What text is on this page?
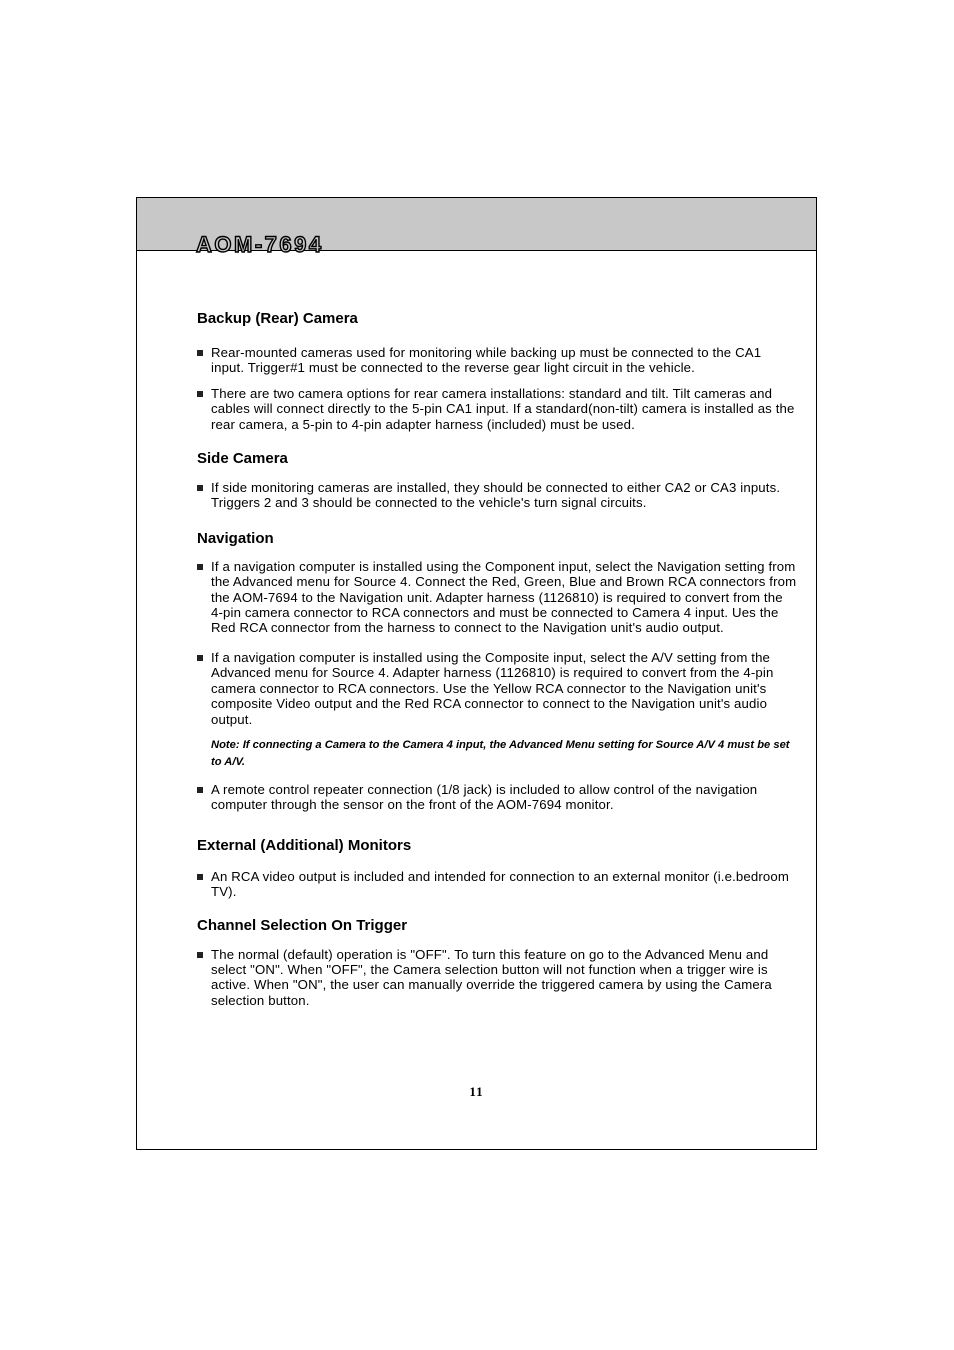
AOM-7694
Backup (Rear) Camera
Rear-mounted cameras used for monitoring while backing up must be connected to the CA1 input. Trigger#1 must be connected to the reverse gear light circuit in the vehicle.
There are two camera options for rear camera installations: standard and tilt. Tilt cameras and cables will connect directly to the 5-pin CA1 input. If a standard(non-tilt) camera is installed as the rear camera, a 5-pin to 4-pin adapter harness (included) must be used.
Side Camera
If side monitoring cameras are installed, they should be connected to either CA2 or CA3 inputs. Triggers 2 and 3 should be connected to the vehicle's turn signal circuits.
Navigation
If a navigation computer is installed using the Component input, select the Navigation setting from the Advanced menu for Source 4. Connect the Red, Green, Blue and Brown RCA connectors from the AOM-7694 to the Navigation unit. Adapter harness (1126810) is required to convert from the 4-pin camera connector to RCA connectors and must be connected to Camera 4 input. Ues the Red RCA connector from the harness to connect to the Navigation unit's audio output.
If a navigation computer is installed using the Composite input, select the A/V setting from the Advanced menu for Source 4. Adapter harness (1126810) is required to convert from the 4-pin camera connector to RCA connectors. Use the Yellow RCA connector to the Navigation unit's composite Video output and the Red RCA connector to connect to the Navigation unit's audio output.
Note: If connecting a Camera to the Camera 4 input, the Advanced Menu setting for Source A/V 4 must be set to A/V.
A remote control repeater connection (1/8 jack) is included to allow control of the navigation computer through the sensor on the front of the AOM-7694 monitor.
External (Additional) Monitors
An RCA video output is included and intended for connection to an external monitor (i.e.bedroom TV).
Channel Selection On Trigger
The normal (default) operation is "OFF". To turn this feature on go to the Advanced Menu and select "ON". When "OFF", the Camera selection button will not function when a trigger wire is active. When "ON", the user can manually override the triggered camera by using the Camera selection button.
11
